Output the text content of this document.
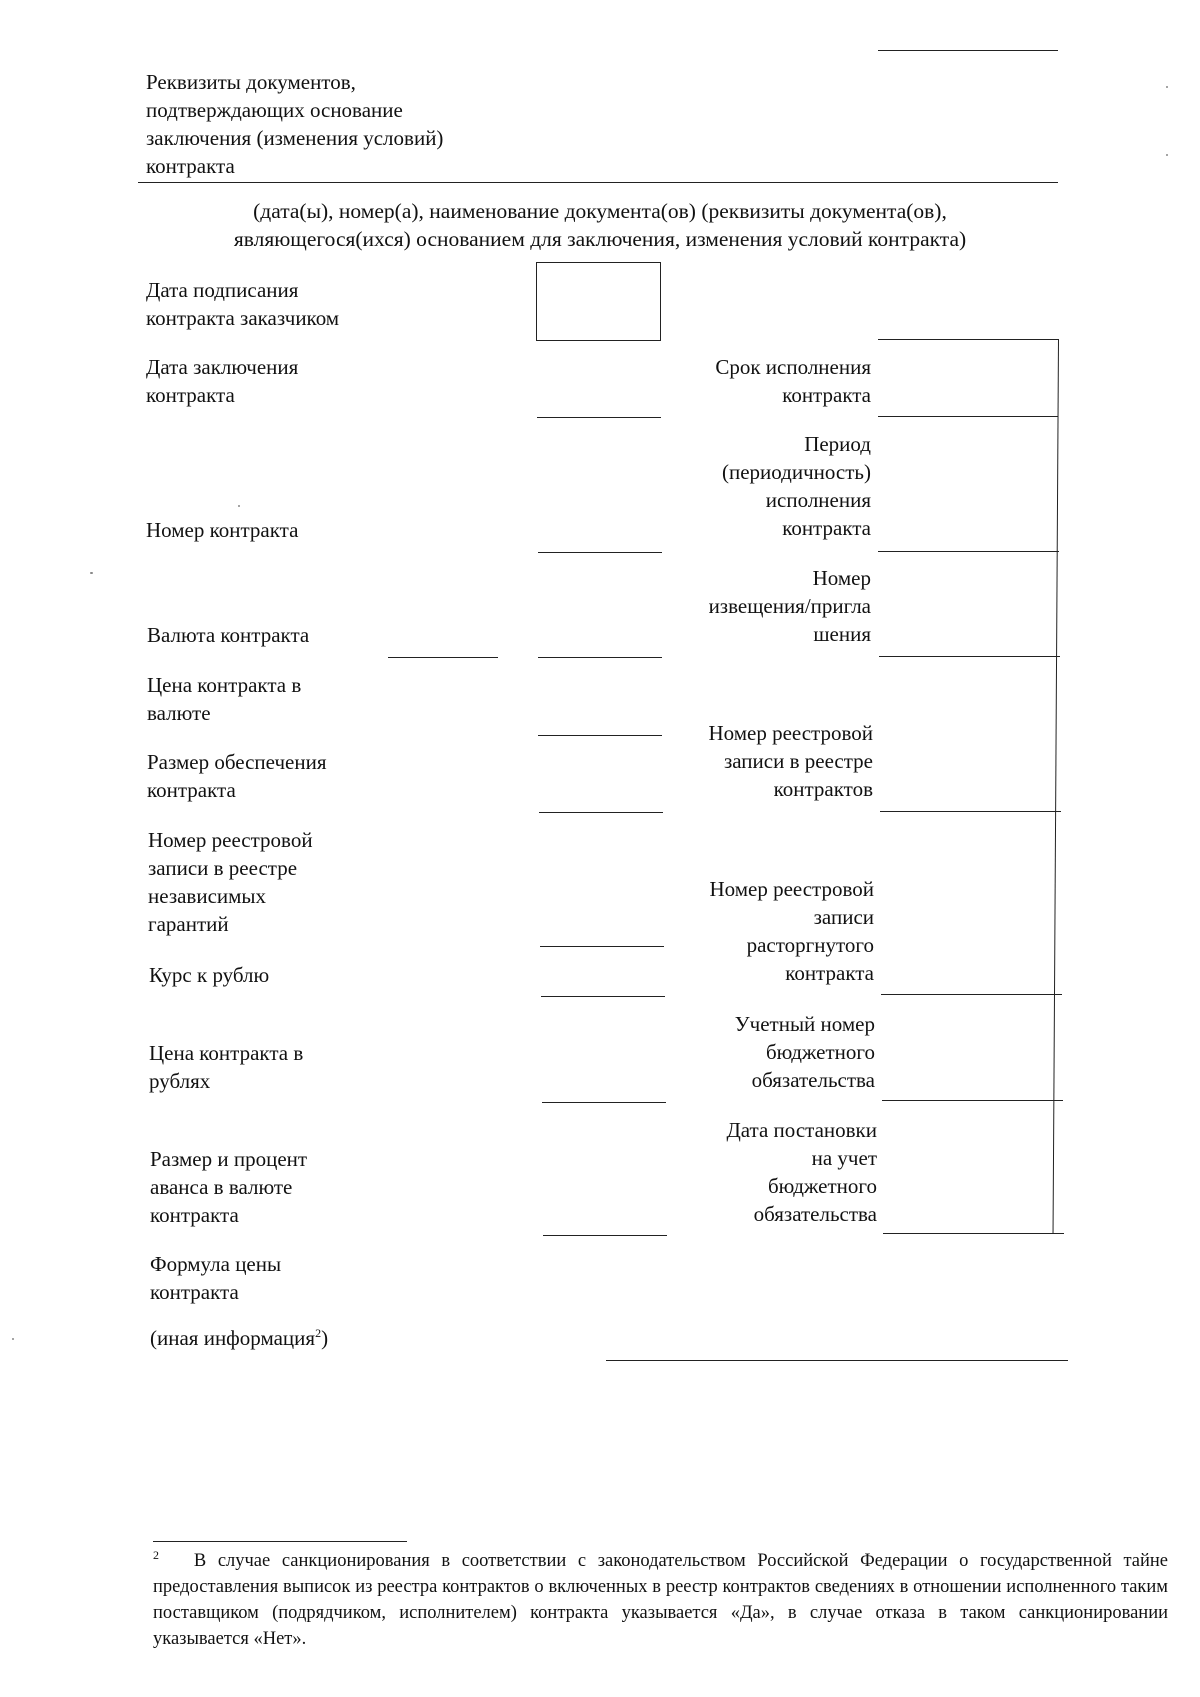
Реквизиты документов,
подтверждающих основание
заключения (изменения условий)
контракта
(дата(ы), номер(а), наименование документа(ов) (реквизиты документа(ов),
являющегося(ихся) основанием для заключения, изменения условий контракта)
Дата подписания
контракта заказчиком
Дата заключения
контракта
Номер контракта
Валюта контракта
Цена контракта в
валюте
Размер обеспечения
контракта
Номер реестровой
записи в реестре
независимых
гарантий
Курс к рублю
Цена контракта в
рублях
Размер и процент
аванса в валюте
контракта
Формула цены
контракта
Срок исполнения
контракта
Период
(периодичность)
исполнения
контракта
Номер
извещения/пригла
шения
Номер реестровой
записи в реестре
контрактов
Номер реестровой
записи
расторгнутого
контракта
Учетный номер
бюджетного
обязательства
Дата постановки
на учет
бюджетного
обязательства
(иная информация$^2$)
$^2$ В случае санкционирования в соответствии с законодательством Российской Федерации о государственной тайне предоставления выписок из реестра контрактов о включенных в реестр контрактов сведениях в отношении исполненного таким поставщиком (подрядчиком, исполнителем) контракта указывается «Да», в случае отказа в таком санкционировании указывается «Нет».
